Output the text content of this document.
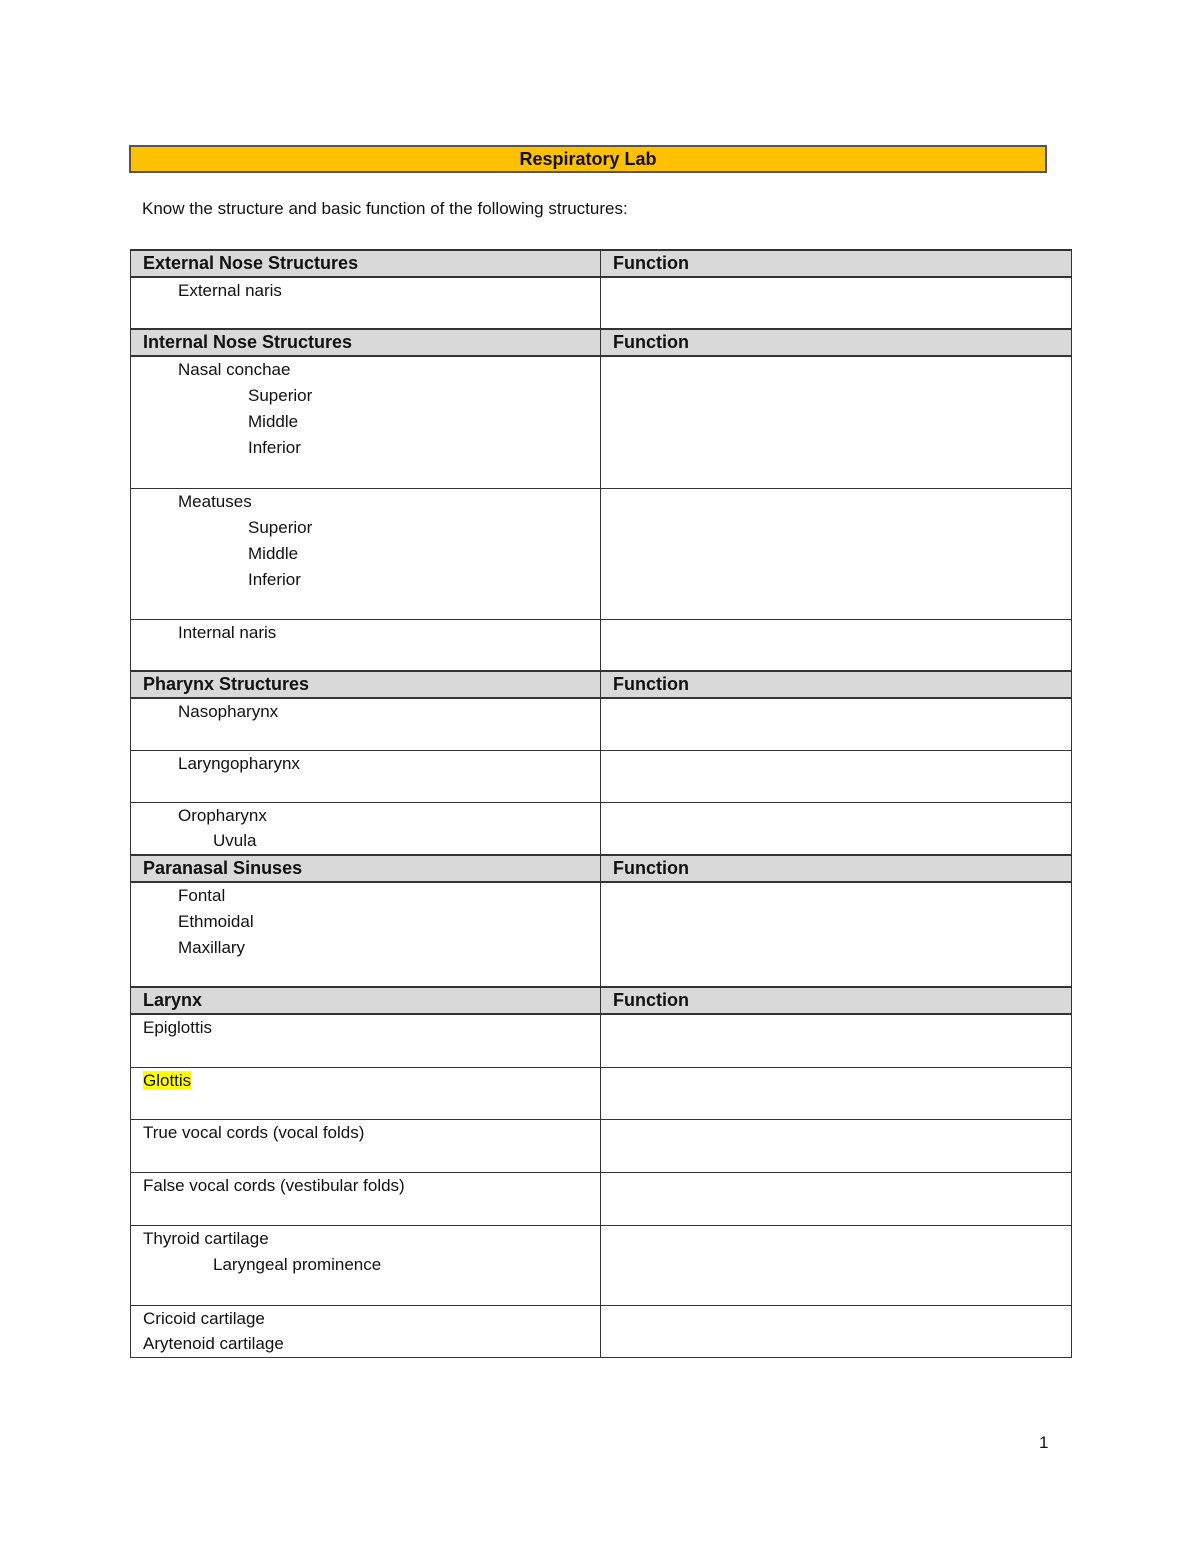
Respiratory Lab
Know the structure and basic function of the following structures:
External Nose Structures	Function

External naris	

Internal Nose Structures	Function

Nasal conchae
Superior
Middle
Inferior	

Meatuses
Superior
Middle
Inferior	

Internal naris	

Pharynx Structures	Function

Nasopharynx	

Laryngopharynx	

Oropharynx
Uvula	

Paranasal Sinuses	Function

Fontal
Ethmoidal
Maxillary	

Larynx	Function

Epiglottis	

Glottis	

True vocal cords (vocal folds)	

False vocal cords (vestibular folds)	

Thyroid cartilage
Laryngeal prominence	

Cricoid cartilage
Arytenoid cartilage	

1
